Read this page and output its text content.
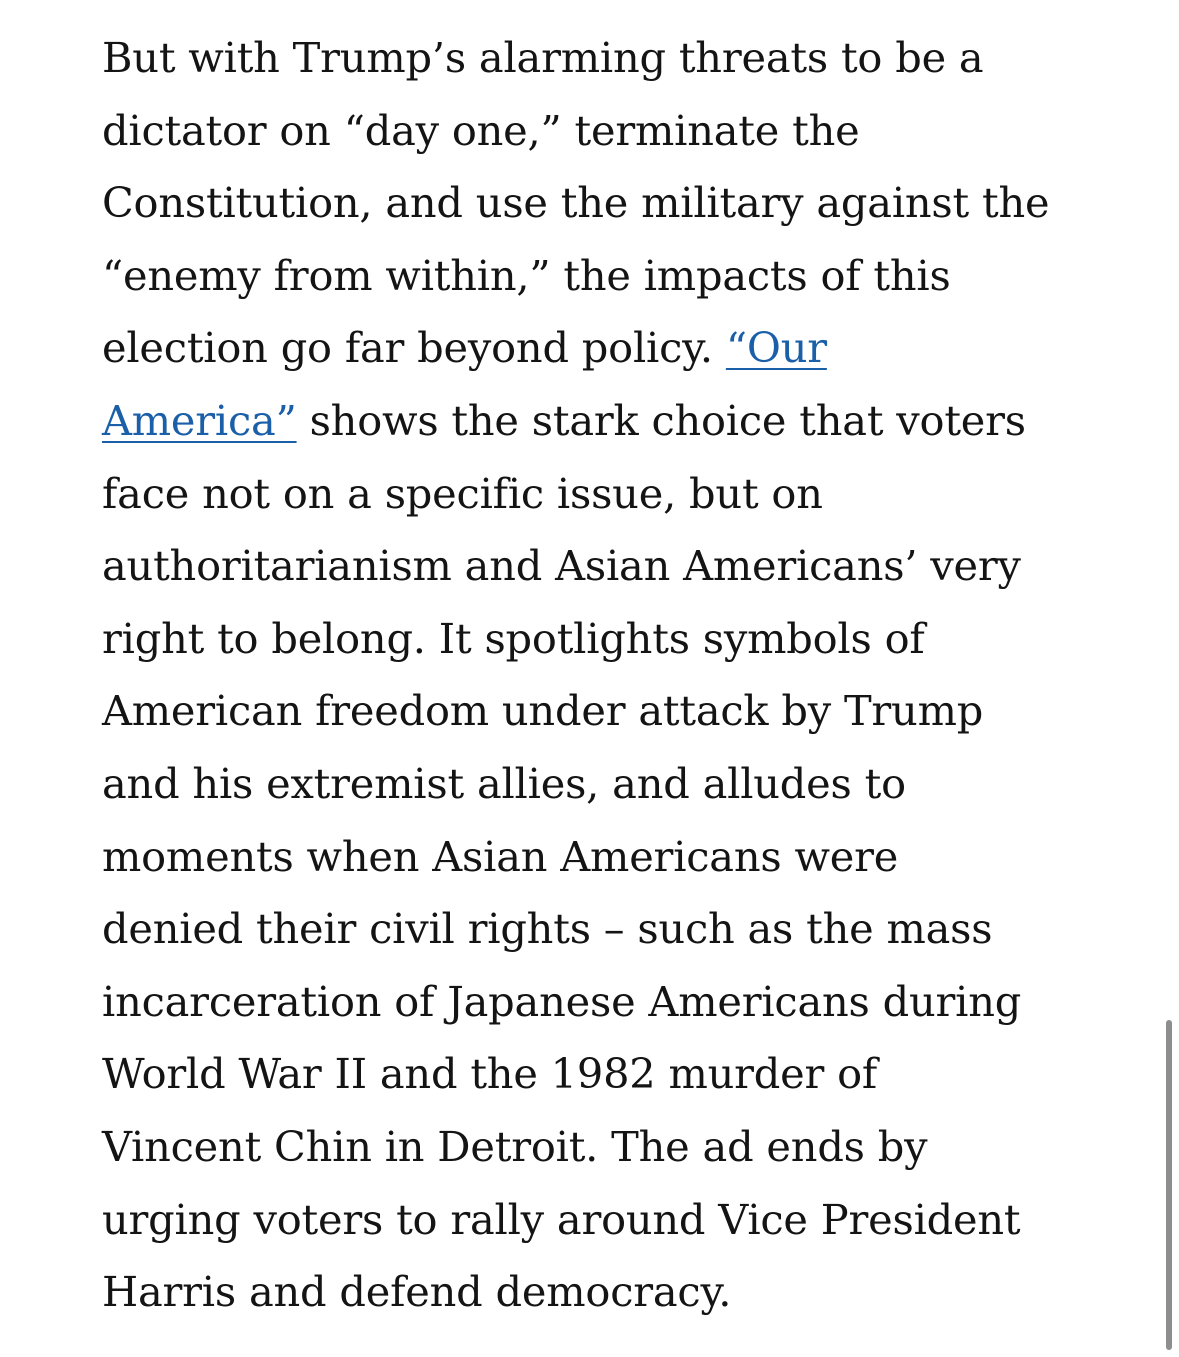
But with Trump’s alarming threats to be a
dictator on “day one,” terminate the
Constitution, and use the military against the
“enemy from within,” the impacts of this
election go far beyond policy. “Our
America” shows the stark choice that voters
face not on a specific issue, but on
authoritarianism and Asian Americans’ very
right to belong. It spotlights symbols of
American freedom under attack by Trump
and his extremist allies, and alludes to
moments when Asian Americans were
denied their civil rights – such as the mass
incarceration of Japanese Americans during
World War II and the 1982 murder of
Vincent Chin in Detroit. The ad ends by
urging voters to rally around Vice President
Harris and defend democracy.
